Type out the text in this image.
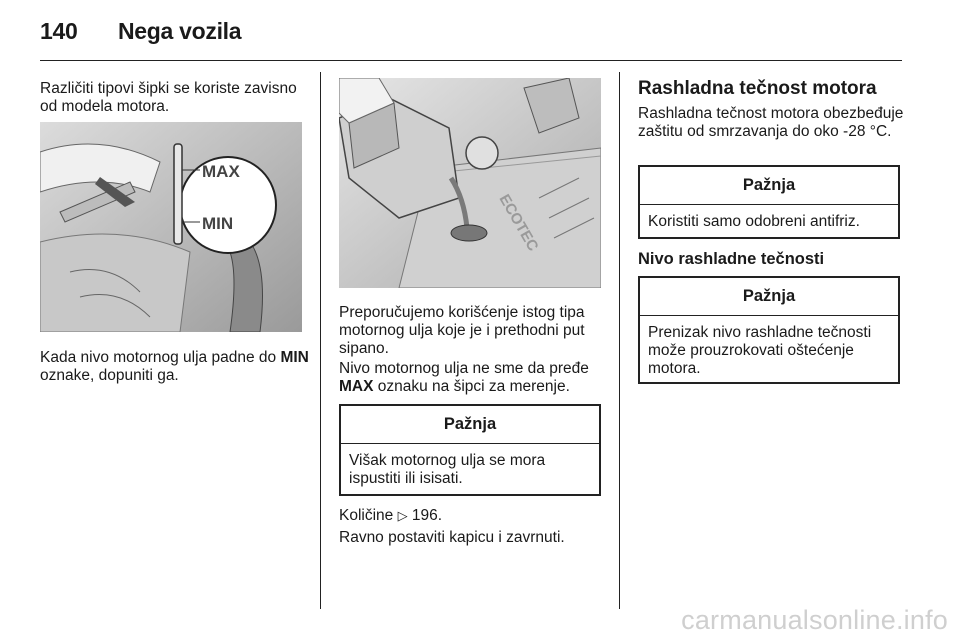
140 Nega vozila

Različiti tipovi šipki se koriste zavisno od modela motora.

MAX
MIN

Kada nivo motornog ulja padne do MIN oznake, dopuniti ga.

ECOTEC

Preporučujemo korišćenje istog tipa motornog ulja koje je i prethodni put sipano.

Nivo motornog ulja ne sme da pređe MAX oznaku na šipci za merenje.

Pažnja
Višak motornog ulja se mora ispustiti ili isisati.

Količine ▷ 196.

Ravno postaviti kapicu i zavrnuti.

Rashladna tečnost motora

Rashladna tečnost motora obezbeđuje zaštitu od smrzavanja do oko -28 °C.

Pažnja
Koristiti samo odobreni antifriz.
Nivo rashladne tečnosti
Pažnja
Prenizak nivo rashladne tečnosti može prouzrokovati oštećenje motora.
carmanualsonline.info
